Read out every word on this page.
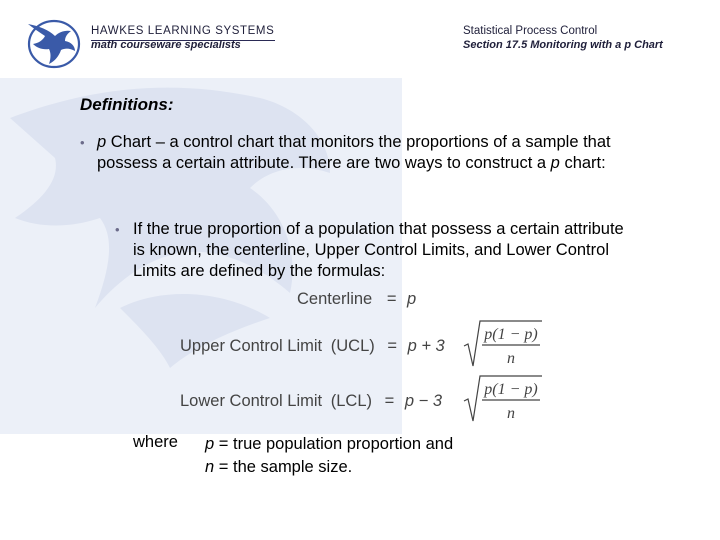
HAWKES LEARNING SYSTEMS
math courseware specialists
Statistical Process Control
Section 17.5 Monitoring with a p Chart
Definitions:
• p Chart – a control chart that monitors the proportions of a sample that possess a certain attribute. There are two ways to construct a p chart:
• If the true proportion of a population that possess a certain attribute is known, the centerline, Upper Control Limits, and Lower Control Limits are defined by the formulas:
Centerline = p
Upper Control Limit (UCL) = p + 3
p(1 − p)
n
Lower Control Limit (LCL) = p − 3
p(1 − p)
n
where p = true population proportion and
n = the sample size.
